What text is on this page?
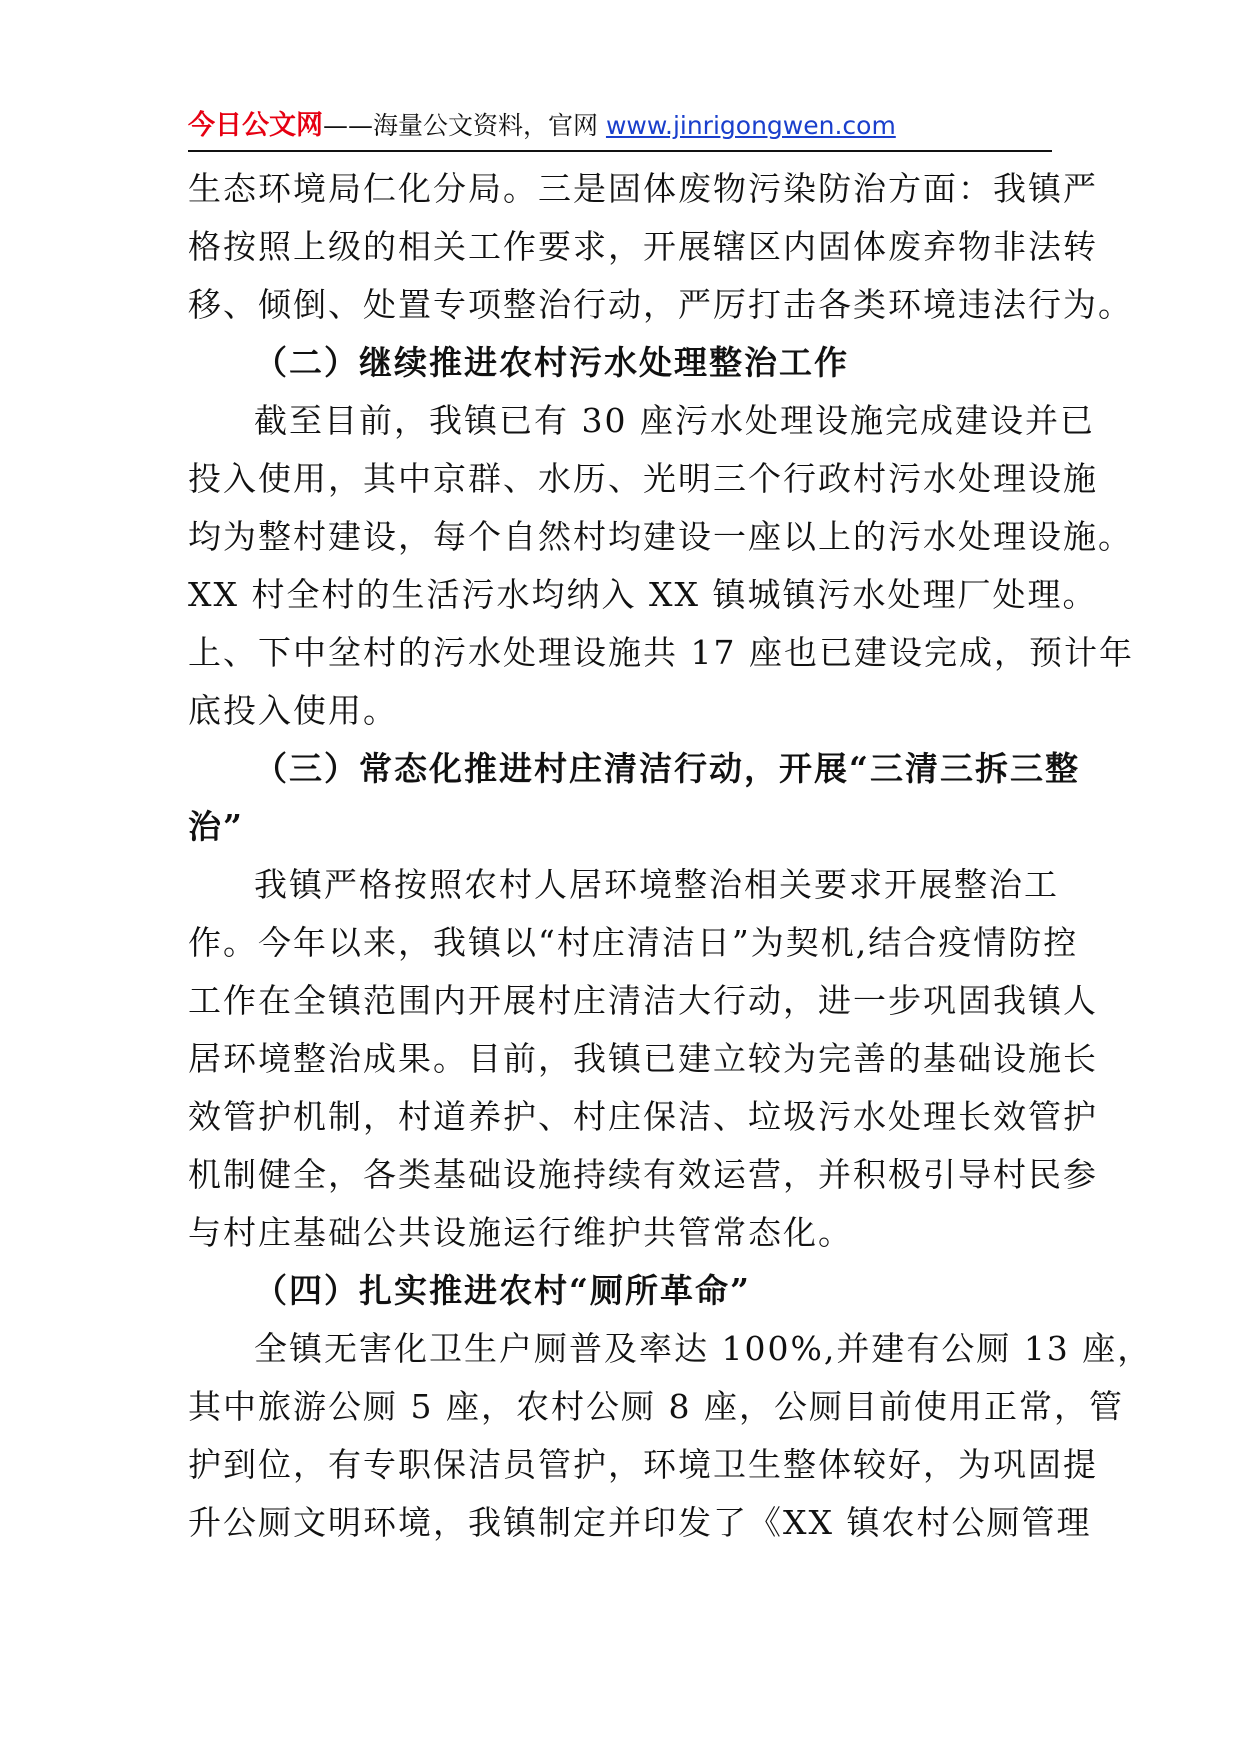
今日公文网——海量公文资料，官网 www.jinrigongwen.com
生态环境局仁化分局。三是固体废物污染防治方面：我镇严
格按照上级的相关工作要求，开展辖区内固体废弃物非法转
移、倾倒、处置专项整治行动，严厉打击各类环境违法行为。
（二）继续推进农村污水处理整治工作
截至目前，我镇已有 30 座污水处理设施完成建设并已
投入使用，其中京群、水历、光明三个行政村污水处理设施
均为整村建设，每个自然村均建设一座以上的污水处理设施。
XX 村全村的生活污水均纳入 XX 镇城镇污水处理厂处理。
上、下中坌村的污水处理设施共 17 座也已建设完成，预计年
底投入使用。
（三）常态化推进村庄清洁行动，开展“三清三拆三整
治”
我镇严格按照农村人居环境整治相关要求开展整治工
作。今年以来，我镇以“村庄清洁日”为契机,结合疫情防控
工作在全镇范围内开展村庄清洁大行动，进一步巩固我镇人
居环境整治成果。目前，我镇已建立较为完善的基础设施长
效管护机制，村道养护、村庄保洁、垃圾污水处理长效管护
机制健全，各类基础设施持续有效运营，并积极引导村民参
与村庄基础公共设施运行维护共管常态化。
（四）扎实推进农村“厕所革命”
全镇无害化卫生户厕普及率达 100%,并建有公厕 13 座，
其中旅游公厕 5 座，农村公厕 8 座，公厕目前使用正常，管
护到位，有专职保洁员管护，环境卫生整体较好，为巩固提
升公厕文明环境，我镇制定并印发了《XX 镇农村公厕管理
